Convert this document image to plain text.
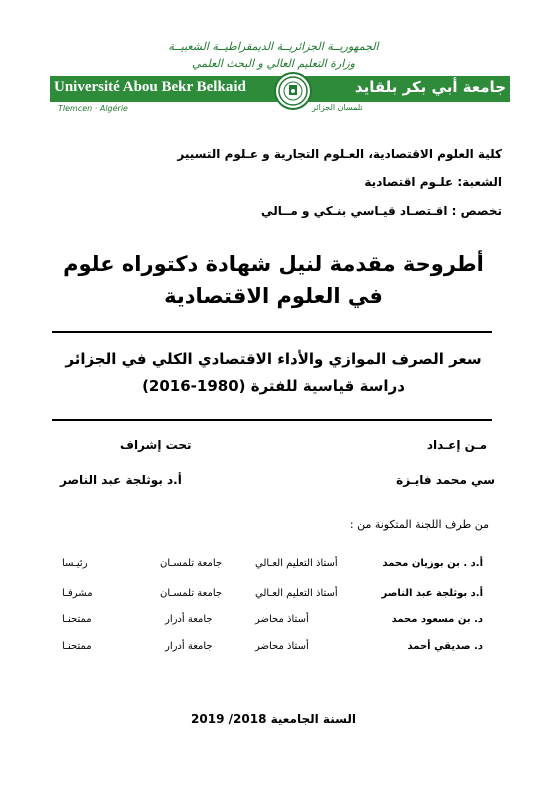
الجمهوريــة الجزائريــة الديمقراطيــة الشعبيــة
وزارة التعليم العالي و البحث العلمي
Université Abou Bekr Belkaid	جامعة أبي بكر بلقايد
Tlemcen · Algérie	تلمسان الجزائر
كلية العلوم الاقتصادية، العـلوم التجارية و عـلوم التسيير
الشعبة: علـوم اقتصادية
تخصص : اقـتصـاد قيـاسي بنـكي و مــالي
أطروحة مقدمة لنيل شهادة دكتوراه علوم
في العلوم الاقتصادية
سعر الصرف الموازي والأداء الاقتصادي الكلي في الجزائر
دراسة قياسية للفترة (1980-2016)
مـن إعـداد
تحت إشراف
سي محمد فايـزة
أ.د بوثلجة عبد الناصر
من طرف اللجنة المتكونة من :
أ.د . بن بوزيان محمد
أستاذ التعليم العـالي
جامعة تلمسـان
رئيـسا
أ.د بوثلجة عبد الناصر
أستاذ التعليم العـالي
جامعة تلمسـان
مشرفـا
د. بن مسعود محمد
أستاذ محاضر
جامعة أدرار
ممتحنـا
د. صديقي أحمد
أستاذ محاضر
جامعة أدرار
ممتحنـا
السنة الجامعية 2018/ 2019
